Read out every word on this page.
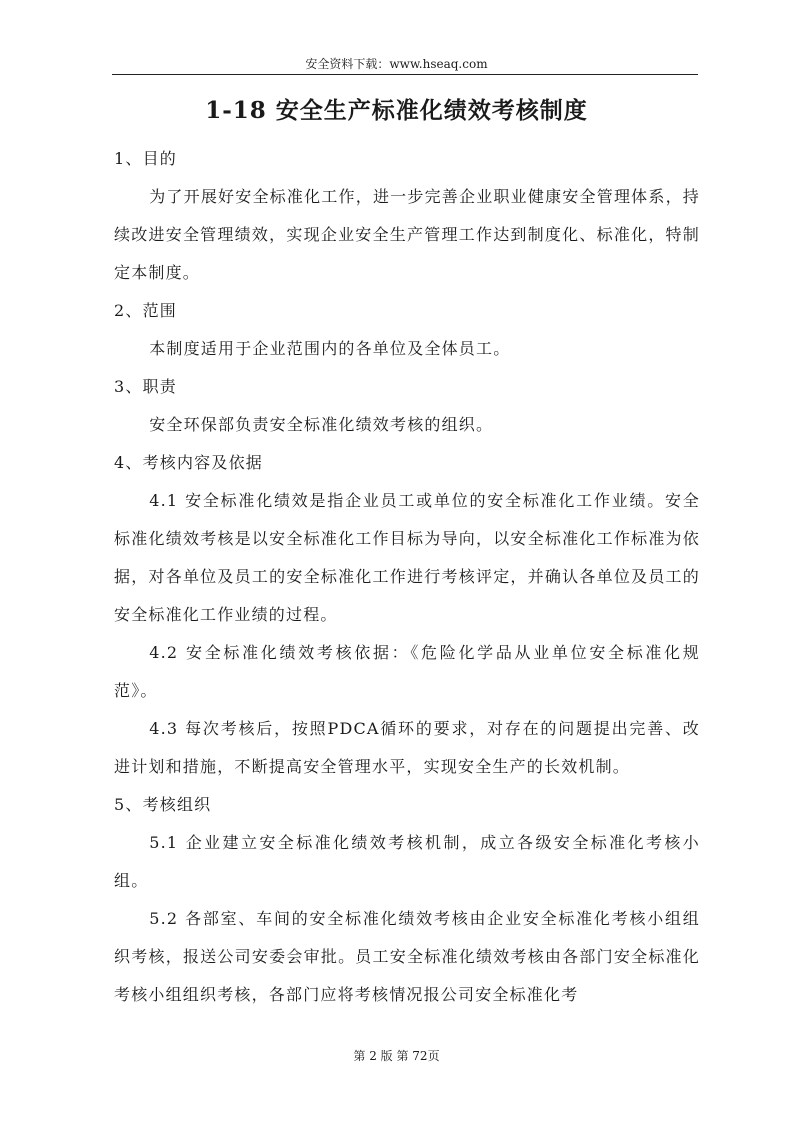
安全资料下载：www.hseaq.com
1-18 安全生产标准化绩效考核制度

1、目的

为了开展好安全标准化工作，进一步完善企业职业健康安全管理体系，持续改进安全管理绩效，实现企业安全生产管理工作达到制度化、标准化，特制定本制度。

2、范围

本制度适用于企业范围内的各单位及全体员工。

3、职责

安全环保部负责安全标准化绩效考核的组织。

4、考核内容及依据

4.1 安全标准化绩效是指企业员工或单位的安全标准化工作业绩。安全标准化绩效考核是以安全标准化工作目标为导向，以安全标准化工作标准为依据，对各单位及员工的安全标准化工作进行考核评定，并确认各单位及员工的安全标准化工作业绩的过程。

4.2 安全标准化绩效考核依据：《危险化学品从业单位安全标准化规范》。

4.3 每次考核后，按照PDCA循环的要求，对存在的问题提出完善、改进计划和措施，不断提高安全管理水平，实现安全生产的长效机制。

5、考核组织

5.1 企业建立安全标准化绩效考核机制，成立各级安全标准化考核小组。

5.2 各部室、车间的安全标准化绩效考核由企业安全标准化考核小组组织考核，报送公司安委会审批。员工安全标准化绩效考核由各部门安全标准化考核小组组织考核，各部门应将考核情况报公司安全标准化考

第 2 版 第 72页
